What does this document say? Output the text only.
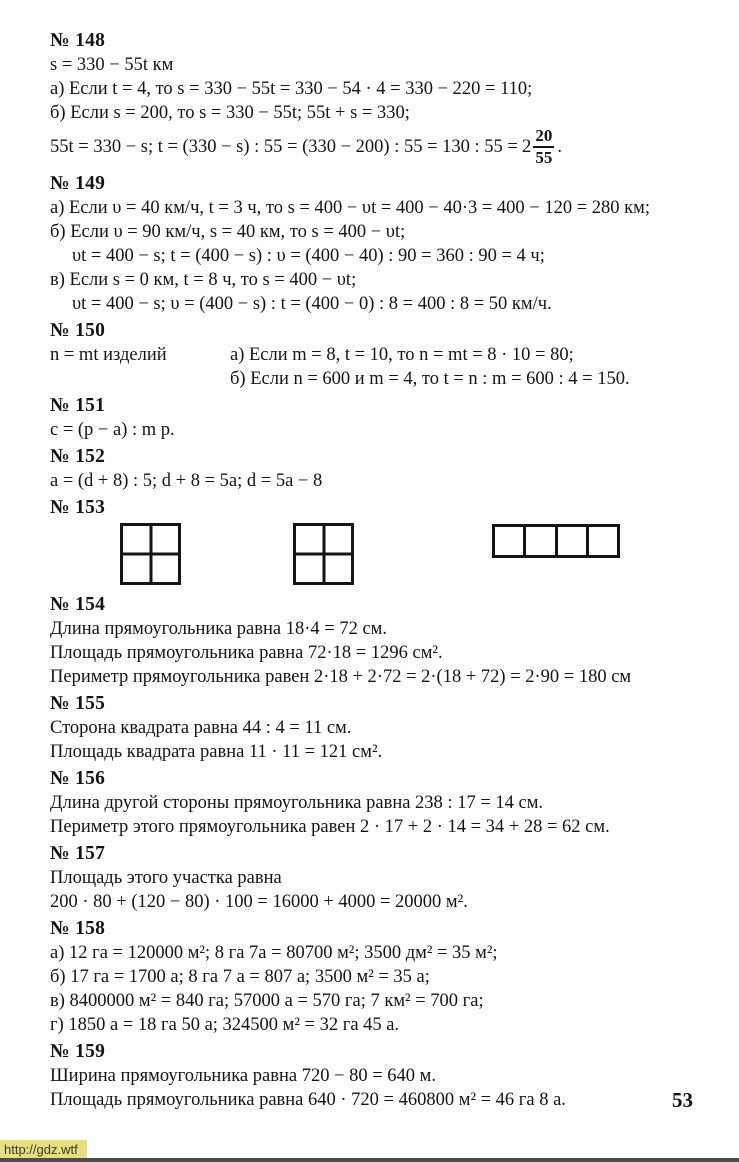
№ 148
s = 330 − 55t км
а) Если t = 4, то s = 330 − 55t = 330 − 54 · 4 = 330 − 220 = 110;
б) Если s = 200, то s = 330 − 55t; 55t + s = 330;
55t = 330 − s; t = (330 − s) : 55 = (330 − 200) : 55 = 130 : $55 = 2 \frac{20}{55}$ .
№ 149
а) Если υ = 40 км/ч, t = 3 ч, то s = 400 − υt = 400 − 40·3 = 400 − 120 = 280 км;
б) Если υ = 90 км/ч, s = 40 км, то s = 400 − υt;
υt = 400 − s; t = (400 − s) : υ = (400 − 40) : 90 = 360 : 90 = 4 ч;
в) Если s = 0 км, t = 8 ч, то s = 400 − υt;
υt = 400 − s; υ = (400 − s) : t = (400 − 0) : 8 = 400 : 8 = 50 км/ч.
№ 150
n = mt изделий	а) Если m = 8, t = 10, то n = mt = 8 · 10 = 80;
б) Если n = 600 и m = 4, то t = n : m = 600 : 4 = 150.
№ 151
c = (p − a) : m р.
№ 152
a = (d + 8) : 5; d + 8 = 5a; d = 5a − 8
№ 153
№ 154
Длина прямоугольника равна 18·4 = 72 см.
Площадь прямоугольника равна 72·18 = 1296 см².
Периметр прямоугольника равен 2·18 + 2·72 = 2·(18 + 72) = 2·90 = 180 см
№ 155
Сторона квадрата равна 44 : 4 = 11 см.
Площадь квадрата равна 11 · 11 = 121 см².
№ 156
Длина другой стороны прямоугольника равна 238 : 17 = 14 см.
Периметр этого прямоугольника равен 2 · 17 + 2 · 14 = 34 + 28 = 62 см.
№ 157
Площадь этого участка равна
200 · 80 + (120 − 80) · 100 = 16000 + 4000 = 20000 м².
№ 158
а) 12 га = 120000 м²; 8 га 7а = 80700 м²; 3500 дм² = 35 м²;
б) 17 га = 1700 а; 8 га 7 а = 807 а; 3500 м² = 35 а;
в) 8400000 м² = 840 га; 57000 а = 570 га; 7 км² = 700 га;
г) 1850 а = 18 га 50 а; 324500 м² = 32 га 45 а.
№ 159
Ширина прямоугольника равна 720 − 80 = 640 м.
Площадь прямоугольника равна 640 · 720 = 460800 м² = 46 га 8 а.	53
http://gdz.wtf
